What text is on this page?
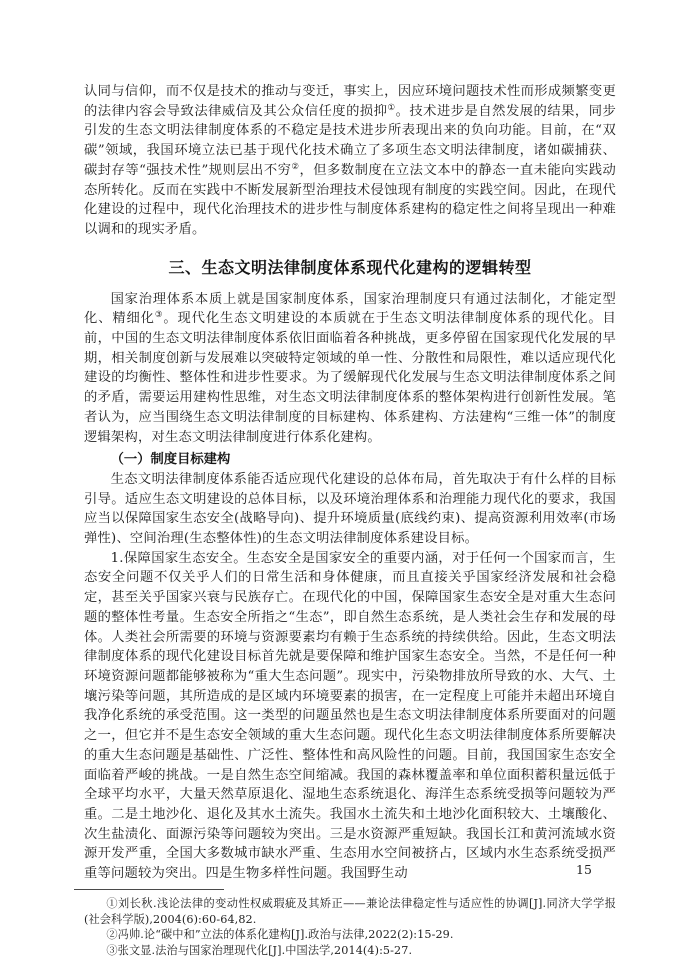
认同与信仰，而不仅是技术的推动与变迁，事实上，因应环境问题技术性而形成频繁变更的法律内容会导致法律威信及其公众信任度的损抑①。技术进步是自然发展的结果，同步引发的生态文明法律制度体系的不稳定是技术进步所表现出来的负向功能。目前，在“双碳”领域，我国环境立法已基于现代化技术确立了多项生态文明法律制度，诸如碳捕获、碳封存等“强技术性”规则层出不穷②，但多数制度在立法文本中的静态一直未能向实践动态所转化。反而在实践中不断发展新型治理技术侵蚀现有制度的实践空间。因此，在现代化建设的过程中，现代化治理技术的进步性与制度体系建构的稳定性之间将呈现出一种难以调和的现实矛盾。

三、生态文明法律制度体系现代化建构的逻辑转型

国家治理体系本质上就是国家制度体系，国家治理制度只有通过法制化，才能定型化、精细化③。现代化生态文明建设的本质就在于生态文明法律制度体系的现代化。目前，中国的生态文明法律制度体系依旧面临着各种挑战，更多停留在国家现代化发展的早期，相关制度创新与发展难以突破特定领域的单一性、分散性和局限性，难以适应现代化建设的均衡性、整体性和进步性要求。为了缓解现代化发展与生态文明法律制度体系之间的矛盾，需要运用建构性思维，对生态文明法律制度体系的整体架构进行创新性发展。笔者认为，应当围绕生态文明法律制度的目标建构、体系建构、方法建构“三维一体”的制度逻辑架构，对生态文明法律制度进行体系化建构。

（一）制度目标建构

生态文明法律制度体系能否适应现代化建设的总体布局，首先取决于有什么样的目标引导。适应生态文明建设的总体目标，以及环境治理体系和治理能力现代化的要求，我国应当以保障国家生态安全(战略导向)、提升环境质量(底线约束)、提高资源利用效率(市场弹性)、空间治理(生态整体性)的生态文明法律制度体系建设目标。

1.保障国家生态安全。生态安全是国家安全的重要内涵，对于任何一个国家而言，生态安全问题不仅关乎人们的日常生活和身体健康，而且直接关乎国家经济发展和社会稳定，甚至关乎国家兴衰与民族存亡。在现代化的中国，保障国家生态安全是对重大生态问题的整体性考量。生态安全所指之“生态”，即自然生态系统，是人类社会生存和发展的母体。人类社会所需要的环境与资源要素均有赖于生态系统的持续供给。因此，生态文明法律制度体系的现代化建设目标首先就是要保障和维护国家生态安全。当然，不是任何一种环境资源问题都能够被称为“重大生态问题”。现实中，污染物排放所导致的水、大气、土壤污染等问题，其所造成的是区域内环境要素的损害，在一定程度上可能并未超出环境自我净化系统的承受范围。这一类型的问题虽然也是生态文明法律制度体系所要面对的问题之一，但它并不是生态安全领域的重大生态问题。现代化生态文明法律制度体系所要解决的重大生态问题是基础性、广泛性、整体性和高风险性的问题。目前，我国国家生态安全面临着严峻的挑战。一是自然生态空间缩减。我国的森林覆盖率和单位面积蓄积量远低于全球平均水平，大量天然草原退化、湿地生态系统退化、海洋生态系统受损等问题较为严重。二是土地沙化、退化及其水土流失。我国水土流失和土地沙化面积较大、土壤酸化、次生盐渍化、面源污染等问题较为突出。三是水资源严重短缺。我国长江和黄河流域水资源开发严重，全国大多数城市缺水严重、生态用水空间被挤占，区域内水生态系统受损严重等问题较为突出。四是生物多样性问题。我国野生动

①刘长秋.浅论法律的变动性权威瑕疵及其矫正——兼论法律稳定性与适应性的协调[J].同济大学学报(社会科学版),2004(6):60-64,82.

②冯帅.论“碳中和”立法的体系化建构[J].政治与法律,2022(2):15-29.

③张文显.法治与国家治理现代化[J].中国法学,2014(4):5-27.

15
